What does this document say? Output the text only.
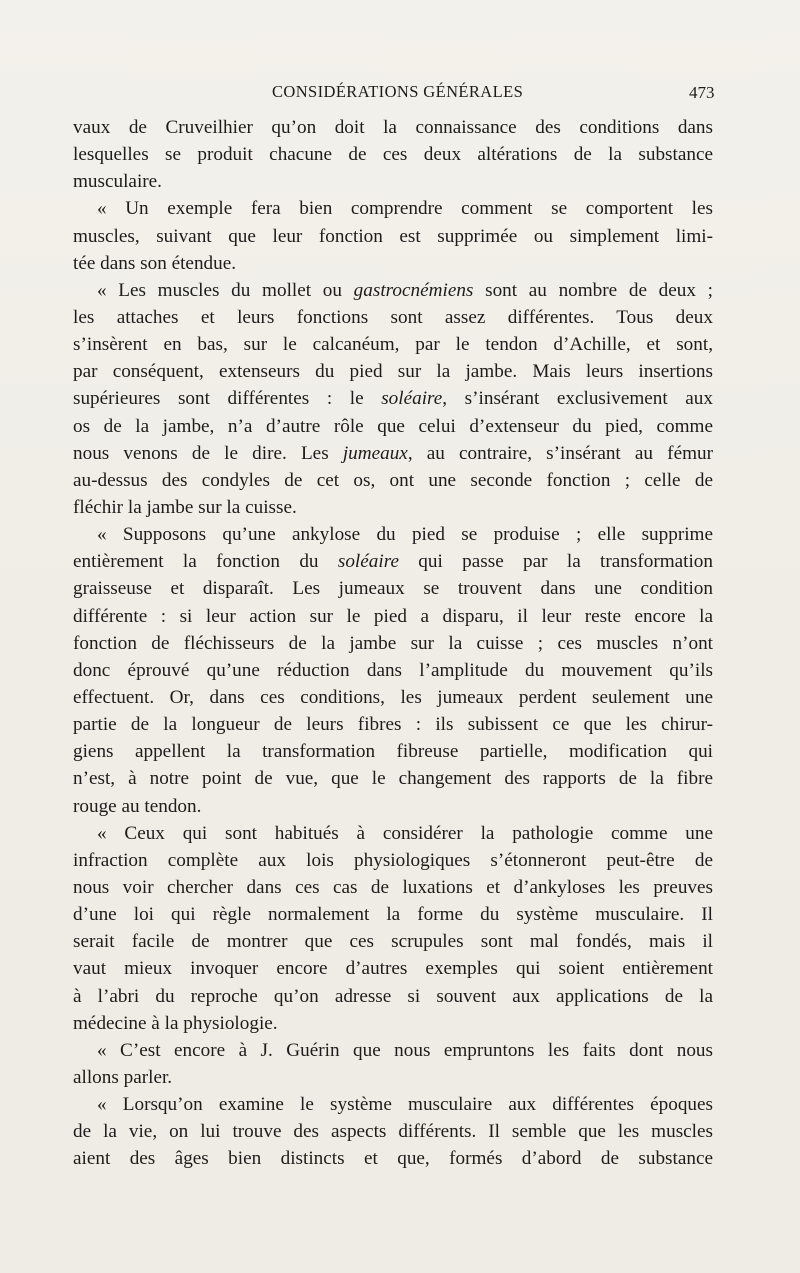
CONSIDÉRATIONS GÉNÉRALES	473

vaux de Cruveilhier qu’on doit la connaissance des conditions dans
lesquelles se produit chacune de ces deux altérations de la substance
musculaire.

« Un exemple fera bien comprendre comment se comportent les
muscles, suivant que leur fonction est supprimée ou simplement limi-
tée dans son étendue.

« Les muscles du mollet ou gastrocnémiens sont au nombre de deux ;
les attaches et leurs fonctions sont assez différentes. Tous deux
s’insèrent en bas, sur le calcanéum, par le tendon d’Achille, et sont,
par conséquent, extenseurs du pied sur la jambe. Mais leurs insertions
supérieures sont différentes : le soléaire, s’insérant exclusivement aux
os de la jambe, n’a d’autre rôle que celui d’extenseur du pied, comme
nous venons de le dire. Les jumeaux, au contraire, s’insérant au fémur
au-dessus des condyles de cet os, ont une seconde fonction ; celle de
fléchir la jambe sur la cuisse.

« Supposons qu’une ankylose du pied se produise ; elle supprime
entièrement la fonction du soléaire qui passe par la transformation
graisseuse et disparaît. Les jumeaux se trouvent dans une condition
différente : si leur action sur le pied a disparu, il leur reste encore la
fonction de fléchisseurs de la jambe sur la cuisse ; ces muscles n’ont
donc éprouvé qu’une réduction dans l’amplitude du mouvement qu’ils
effectuent. Or, dans ces conditions, les jumeaux perdent seulement une
partie de la longueur de leurs fibres : ils subissent ce que les chirur-
giens appellent la transformation fibreuse partielle, modification qui
n’est, à notre point de vue, que le changement des rapports de la fibre
rouge au tendon.

« Ceux qui sont habitués à considérer la pathologie comme une
infraction complète aux lois physiologiques s’étonneront peut-être de
nous voir chercher dans ces cas de luxations et d’ankyloses les preuves
d’une loi qui règle normalement la forme du système musculaire. Il
serait facile de montrer que ces scrupules sont mal fondés, mais il
vaut mieux invoquer encore d’autres exemples qui soient entièrement
à l’abri du reproche qu’on adresse si souvent aux applications de la
médecine à la physiologie.

« C’est encore à J. Guérin que nous empruntons les faits dont nous
allons parler.

« Lorsqu’on examine le système musculaire aux différentes époques
de la vie, on lui trouve des aspects différents. Il semble que les muscles
aient des âges bien distincts et que, formés d’abord de substance
